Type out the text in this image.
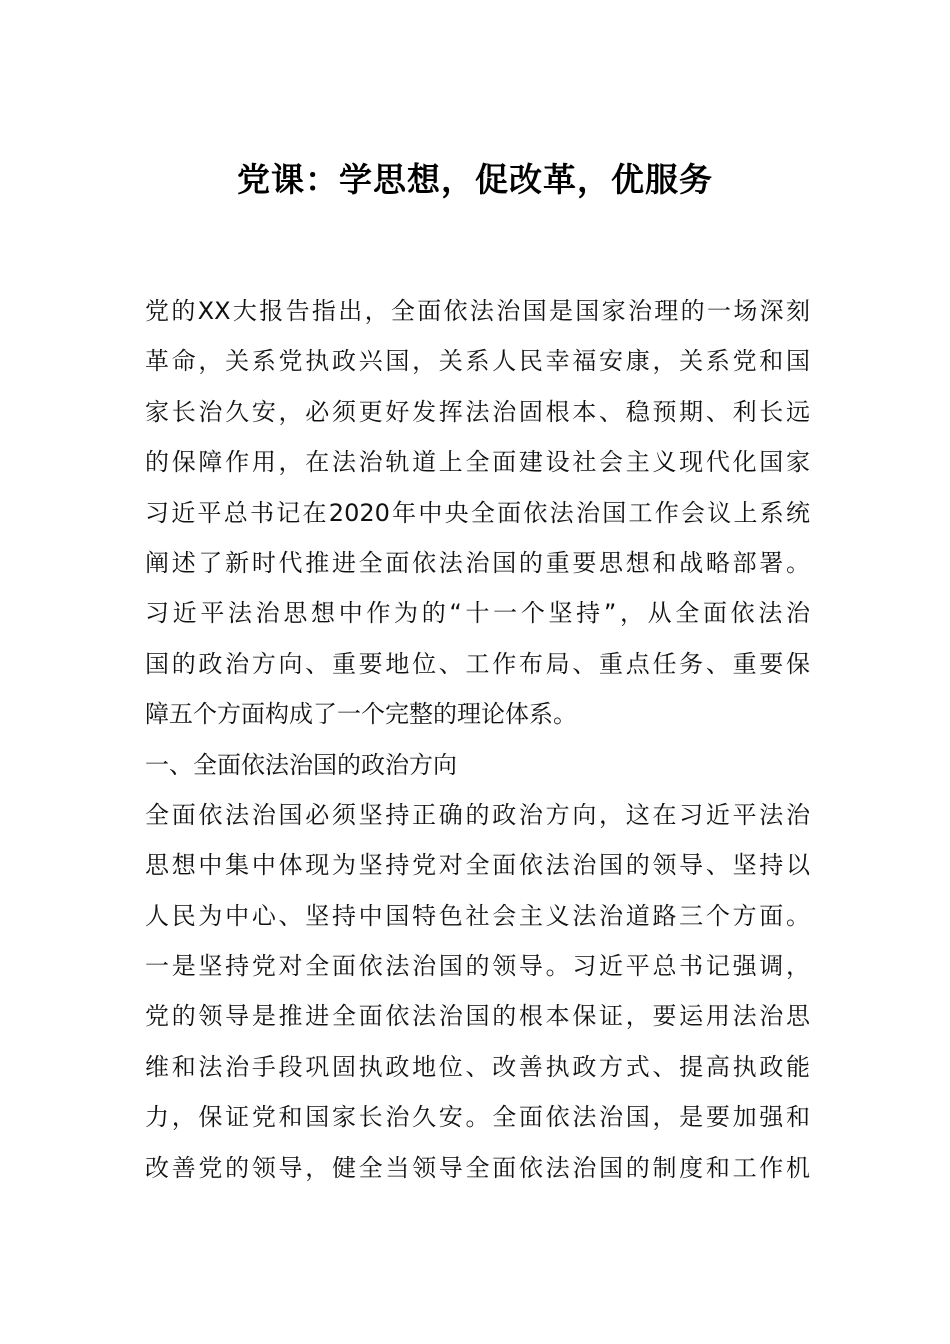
党课：学思想，促改革，优服务

党的XX大报告指出，全面依法治国是国家治理的一场深刻

革命，关系党执政兴国，关系人民幸福安康，关系党和国

家长治久安，必须更好发挥法治固根本、稳预期、利长远

的保障作用，在法治轨道上全面建设社会主义现代化国家

习近平总书记在2020年中央全面依法治国工作会议上系统

阐述了新时代推进全面依法治国的重要思想和战略部署。

习近平法治思想中作为的“十一个坚持”，从全面依法治

国的政治方向、重要地位、工作布局、重点任务、重要保

障五个方面构成了一个完整的理论体系。

一、全面依法治国的政治方向

全面依法治国必须坚持正确的政治方向，这在习近平法治

思想中集中体现为坚持党对全面依法治国的领导、坚持以

人民为中心、坚持中国特色社会主义法治道路三个方面。

一是坚持党对全面依法治国的领导。习近平总书记强调，

党的领导是推进全面依法治国的根本保证，要运用法治思

维和法治手段巩固执政地位、改善执政方式、提高执政能

力，保证党和国家长治久安。全面依法治国，是要加强和

改善党的领导，健全当领导全面依法治国的制度和工作机
